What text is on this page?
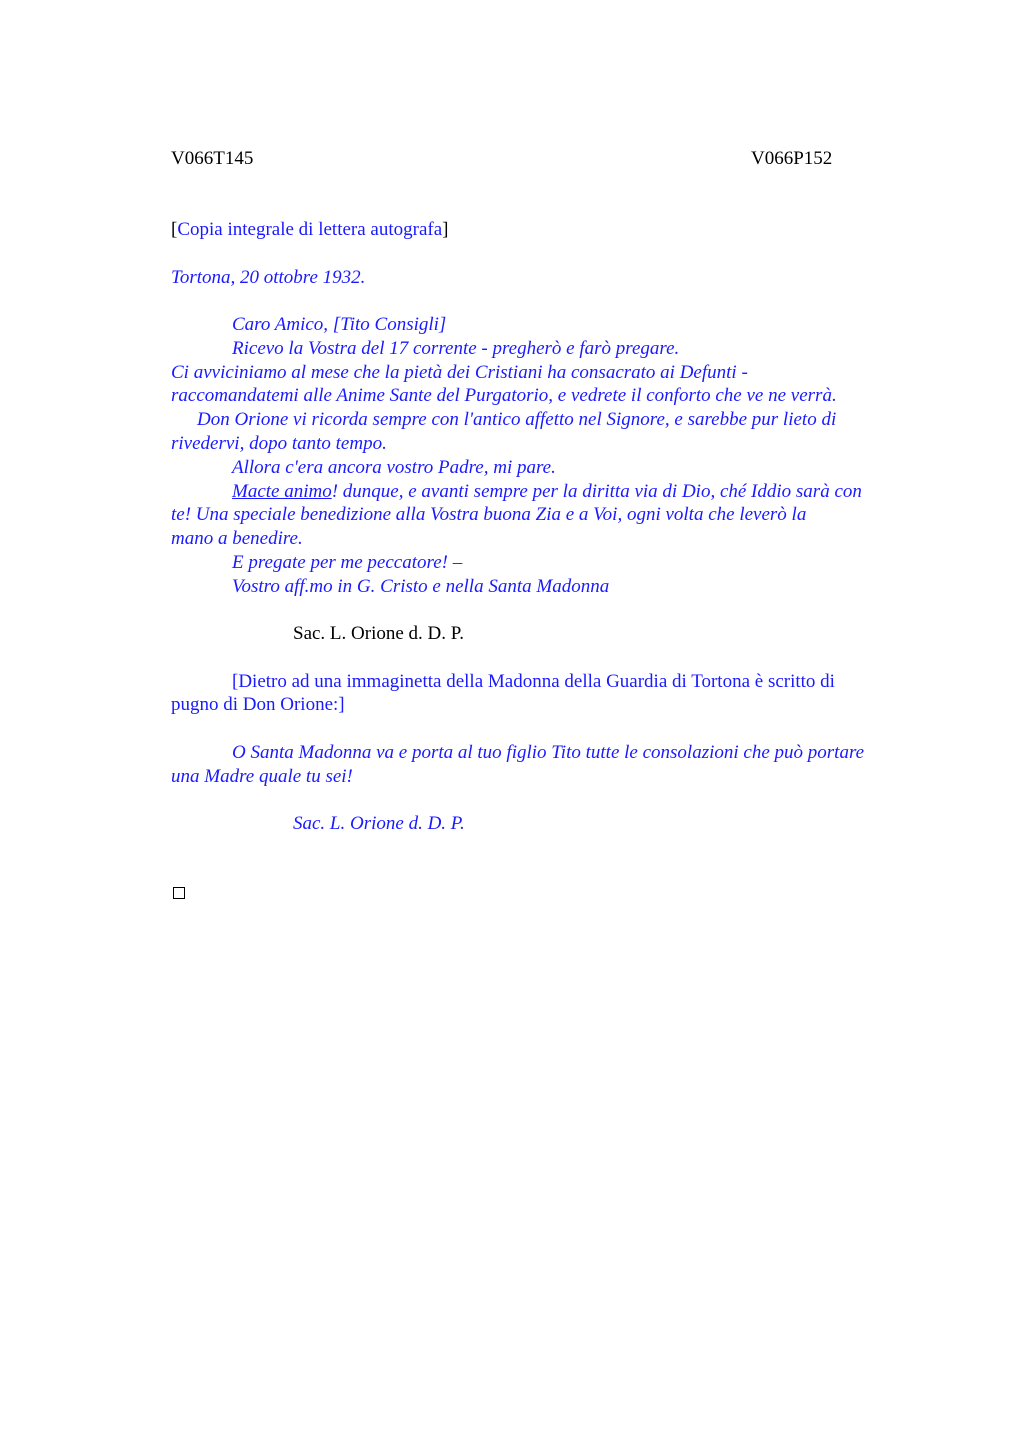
V066T145	V066P152
[Copia integrale di lettera autografa]
Tortona, 20 ottobre 1932.
Caro Amico, [Tito Consigli]
Ricevo la Vostra del 17 corrente - pregherò e farò pregare.
Ci avviciniamo al mese che la pietà dei Cristiani ha consacrato ai Defunti -
raccomandatemi alle Anime Sante del Purgatorio, e vedrete il conforto che ve ne verrà.
Don Orione vi ricorda sempre con l'antico affetto nel Signore, e sarebbe pur lieto di
rivedervi, dopo tanto tempo.
Allora c'era ancora vostro Padre, mi pare.
Macte animo! dunque, e avanti sempre per la diritta via di Dio, ché Iddio sarà con
te! Una speciale benedizione alla Vostra buona Zia e a Voi, ogni volta che leverò la
mano a benedire.
E pregate per me peccatore! –
Vostro aff.mo in G. Cristo e nella Santa Madonna
Sac. L. Orione d. D. P.
[Dietro ad una immaginetta della Madonna della Guardia di Tortona è scritto di
pugno di Don Orione:]
O Santa Madonna va e porta al tuo figlio Tito tutte le consolazioni che può portare
una Madre quale tu sei!
Sac. L. Orione d. D. P.
